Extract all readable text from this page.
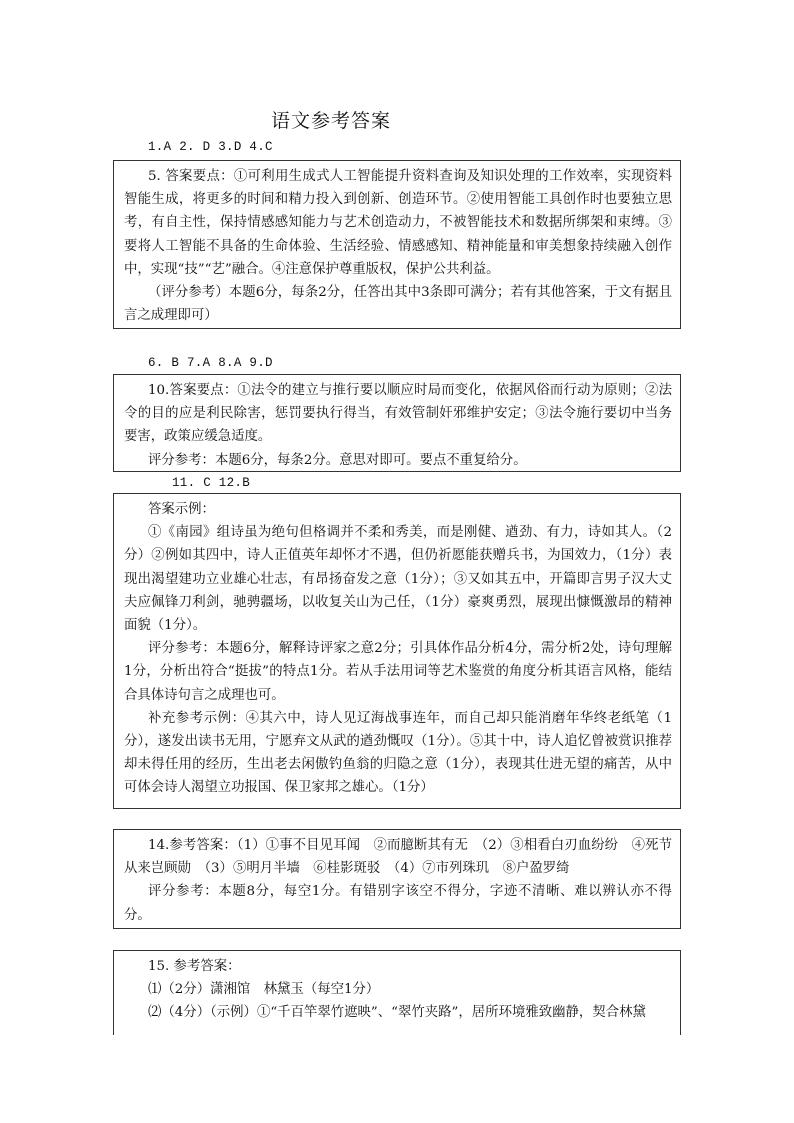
语文参考答案
1.A 2. D 3.D 4.C

5. 答案要点：①可利用生成式人工智能提升资料查询及知识处理的工作效率，实现资料智能生成，将更多的时间和精力投入到创新、创造环节。②使用智能工具创作时也要独立思考，有自主性，保持情感感知能力与艺术创造动力，不被智能技术和数据所绑架和束缚。③要将人工智能不具备的生命体验、生活经验、情感感知、精神能量和审美想象持续融入创作中，实现“技”“艺”融合。④注意保护尊重版权，保护公共利益。

（评分参考）本题6分，每条2分，任答出其中3条即可满分；若有其他答案，于文有据且言之成理即可）

6. B 7.A 8.A 9.D

10.答案要点：①法令的建立与推行要以顺应时局而变化，依据风俗而行动为原则；②法令的目的应是利民除害，惩罚要执行得当，有效管制奸邪维护安定；③法令施行要切中当务要害，政策应缓急适度。

评分参考：本题6分，每条2分。意思对即可。要点不重复给分。

11. C 12.B

答案示例：

①《南园》组诗虽为绝句但格调并不柔和秀美，而是刚健、遒劲、有力，诗如其人。（2分）②例如其四中，诗人正值英年却怀才不遇，但仍祈愿能获赠兵书，为国效力，（1分）表现出渴望建功立业雄心壮志，有昂扬奋发之意（1分）；③又如其五中，开篇即言男子汉大丈夫应佩锋刀利剑，驰骋疆场，以收复关山为己任，（1分）豪爽勇烈，展现出慷慨激昂的精神面貌（1分）。

评分参考：本题6分，解释诗评家之意2分；引具体作品分析4分，需分析2处，诗句理解1分，分析出符合“挺拔”的特点1分。若从手法用词等艺术鉴赏的角度分析其语言风格，能结合具体诗句言之成理也可。

补充参考示例：④其六中，诗人见辽海战事连年，而自己却只能消磨年华终老纸笔（1分），遂发出读书无用，宁愿弃文从武的遒劲慨叹（1分）。⑤其十中，诗人追忆曾被赏识推荐却未得任用的经历，生出老去闲傲钓鱼翁的归隐之意（1分），表现其仕进无望的痛苦，从中可体会诗人渴望立功报国、保卫家邦之雄心。（1分）

14.参考答案：（1）①事不目见耳闻　②而臆断其有无　（2）③相看白刃血纷纷　④死节从来岂顾勋　（3）⑤明月半墙　⑥桂影斑驳　（4）⑦市列珠玑　⑧户盈罗绮

评分参考：本题8分，每空1分。有错别字该空不得分，字迹不清晰、难以辨认亦不得分。

15. 参考答案：

⑴（2分）潇湘馆　林黛玉（每空1分）

⑵（4分）（示例）①“千百竿翠竹遮映”、“翠竹夹路”，居所环境雅致幽静，契合林黛
